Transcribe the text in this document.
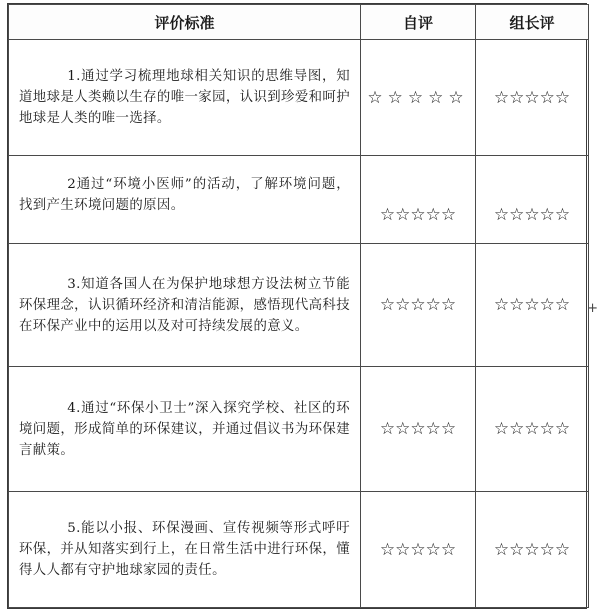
评价标准	自评	组长评

1.通过学习梳理地球相关知识的思维导图，知道地球是人类赖以生存的唯一家园，认识到珍爱和呵护地球是人类的唯一选择。	☆☆☆☆☆	☆☆☆☆☆

2通过“环境小医师”的活动，了解环境问题，找到产生环境问题的原因。	☆☆☆☆☆	☆☆☆☆☆

3.知道各国人在为保护地球想方设法树立节能环保理念，认识循环经济和清洁能源，感悟现代高科技在环保产业中的运用以及对可持续发展的意义。	☆☆☆☆☆	☆☆☆☆☆

4.通过“环保小卫士”深入探究学校、社区的环境问题，形成简单的环保建议，并通过倡议书为环保建言献策。	☆☆☆☆☆	☆☆☆☆☆

5.能以小报、环保漫画、宣传视频等形式呼吁环保，并从知落实到行上，在日常生活中进行环保，懂得人人都有守护地球家园的责任。	☆☆☆☆☆	☆☆☆☆☆
+
